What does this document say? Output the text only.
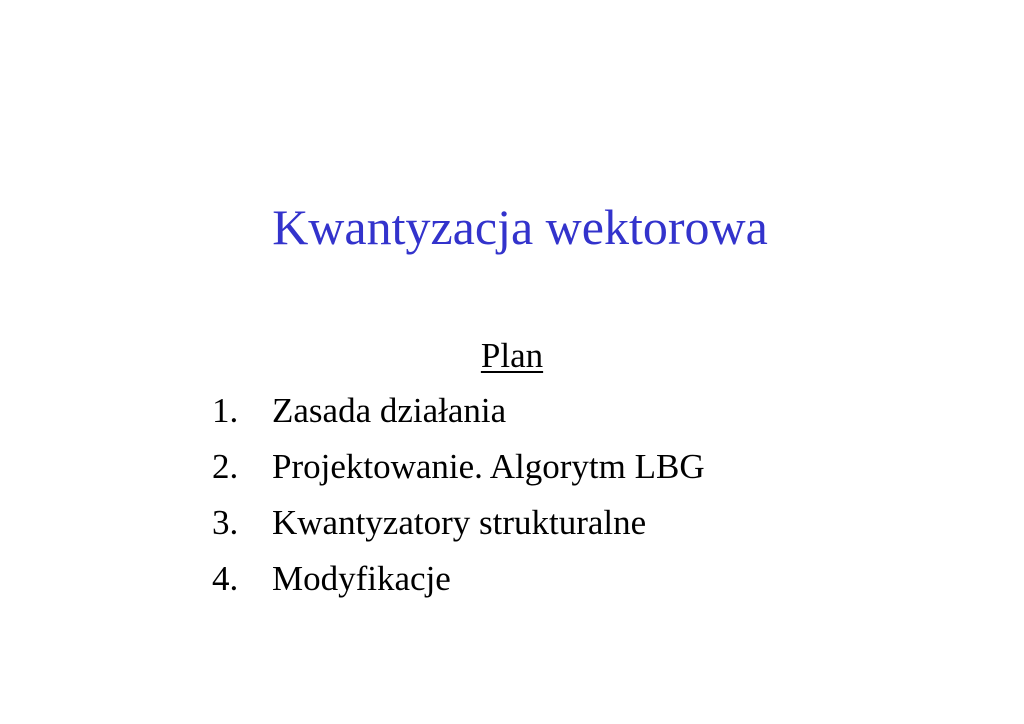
Kwantyzacja wektorowa
Plan
1. Zasada działania
2. Projektowanie. Algorytm LBG
3. Kwantyzatory strukturalne
4. Modyfikacje
